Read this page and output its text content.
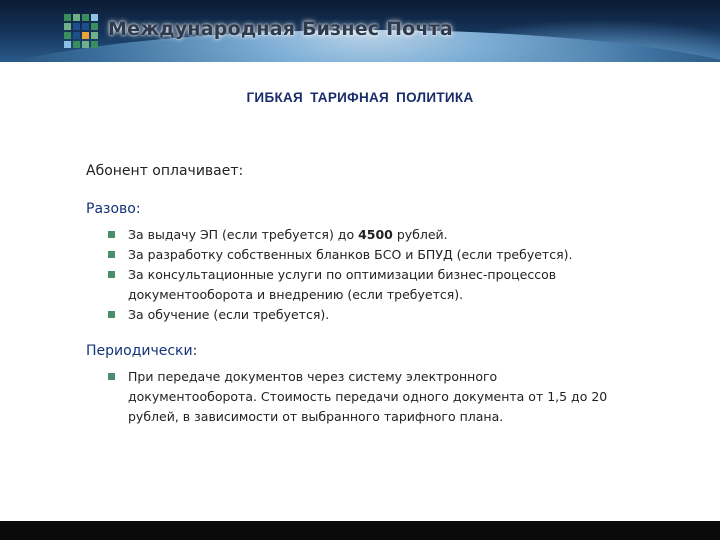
Международная Бизнес Почта
ГИБКАЯ ТАРИФНАЯ ПОЛИТИКА
Абонент оплачивает:
Разово:
За выдачу ЭП (если требуется) до 4500 рублей.
За разработку собственных бланков БСО и БПУД (если требуется).
За консультационные услуги по оптимизации бизнес-процессов
документооборота и внедрению (если требуется).
За обучение (если требуется).
Периодически:
При передаче документов через систему электронного
документооборота. Стоимость передачи одного документа от 1,5 до 20
рублей, в зависимости от выбранного тарифного плана.
